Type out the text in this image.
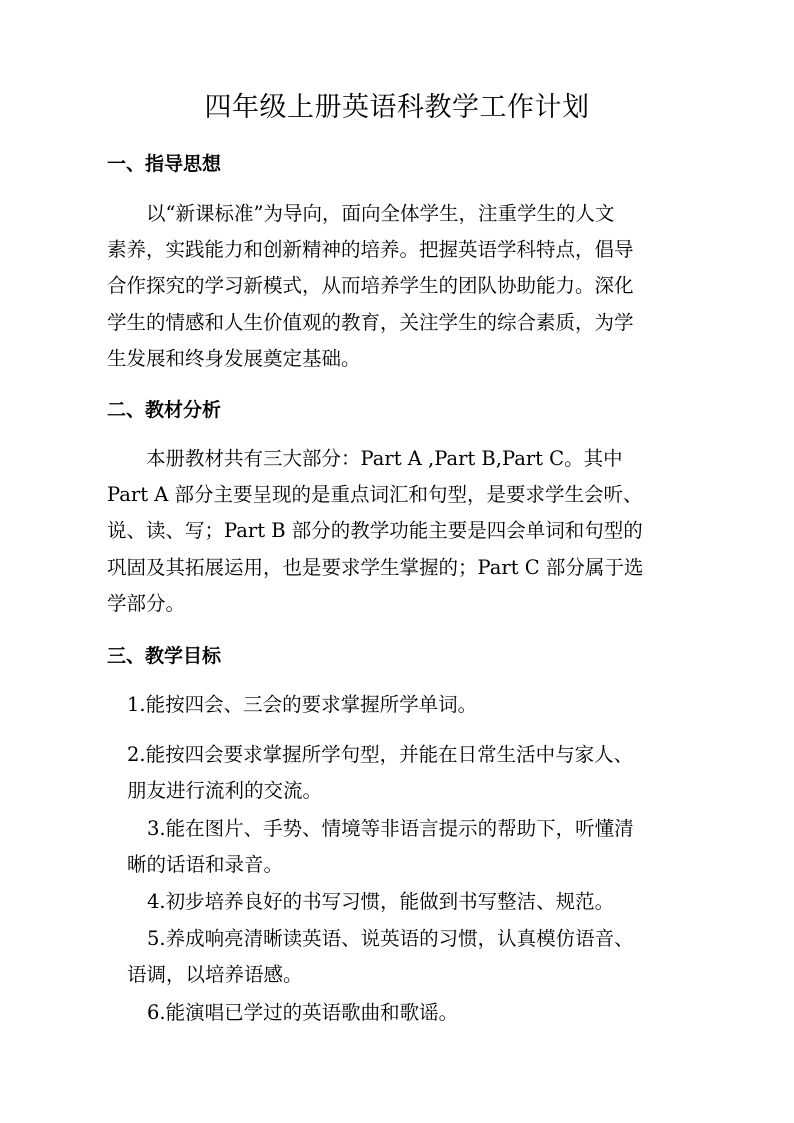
四年级上册英语科教学工作计划
一、指导思想

以“新课标准”为导向，面向全体学生，注重学生的人文

素养，实践能力和创新精神的培养。把握英语学科特点，倡导

合作探究的学习新模式，从而培养学生的团队协助能力。深化

学生的情感和人生价值观的教育，关注学生的综合素质，为学

生发展和终身发展奠定基础。

二、教材分析

本册教材共有三大部分：Part A ,Part B,Part C。其中

Part A 部分主要呈现的是重点词汇和句型，是要求学生会听、

说、读、写；Part B 部分的教学功能主要是四会单词和句型的

巩固及其拓展运用，也是要求学生掌握的；Part C 部分属于选

学部分。

三、教学目标

1.能按四会、三会的要求掌握所学单词。

2.能按四会要求掌握所学句型，并能在日常生活中与家人、

朋友进行流利的交流。

3.能在图片、手势、情境等非语言提示的帮助下，听懂清

晰的话语和录音。

4.初步培养良好的书写习惯，能做到书写整洁、规范。

5.养成响亮清晰读英语、说英语的习惯，认真模仿语音、

语调，以培养语感。

6.能演唱已学过的英语歌曲和歌谣。
